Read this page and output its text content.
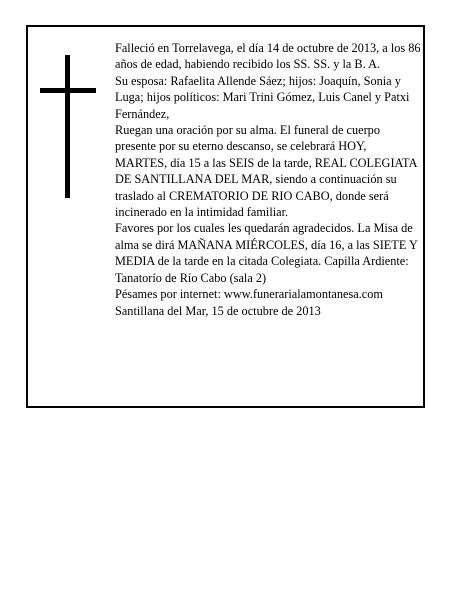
Falleció en Torrelavega, el día 14 de octubre de 2013, a los 86 años de edad, habiendo recibido los SS. SS. y la B. A.

Su esposa: Rafaelita Allende Sáez; hijos: Joaquín, Sonia y Luga; hijos políticos: Mari Trini Gómez, Luis Canel y Patxi Fernández,

Ruegan una oración por su alma. El funeral de cuerpo presente por su eterno descanso, se celebrará HOY, MARTES, día 15 a las SEIS de la tarde, REAL COLEGIATA DE SANTILLANA DEL MAR, siendo a continuación su traslado al CREMATORIO DE RIO CABO, donde será incinerado en la intimidad familiar.

Favores por los cuales les quedarán agradecidos. La Misa de alma se dirá MAÑANA MIÉRCOLES, día 16, a las SIETE Y MEDIA de la tarde en la citada Colegiata. Capilla Ardiente: Tanatorío de Río Cabo (sala 2)

Pésames por internet: www.funerarialamontanesa.com

Santillana del Mar, 15 de octubre de 2013
